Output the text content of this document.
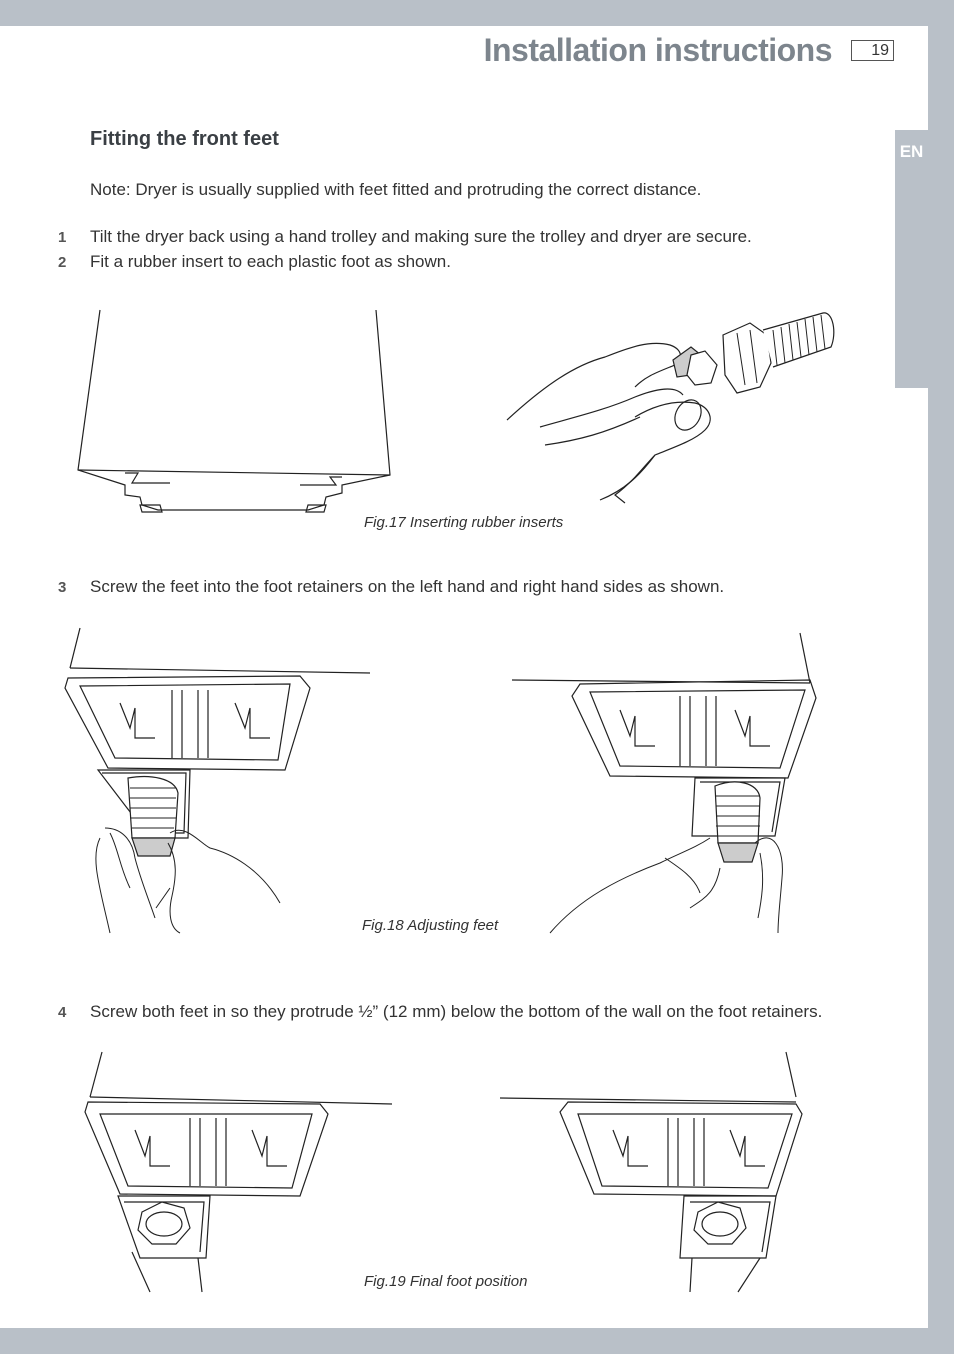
EN
Installation instructions	19
Fitting the front feet
Note: Dryer is usually supplied with feet fitted and protruding the correct distance.
1 Tilt the dryer back using a hand trolley and making sure the trolley and dryer are secure.
2 Fit a rubber insert to each plastic foot as shown.
Fig.17 Inserting rubber inserts
3 Screw the feet into the foot retainers on the left hand and right hand sides as shown.
Fig.18 Adjusting feet
4 Screw both feet in so they protrude ½” (12 mm) below the bottom of the wall on the foot retainers.
Fig.19 Final foot position
